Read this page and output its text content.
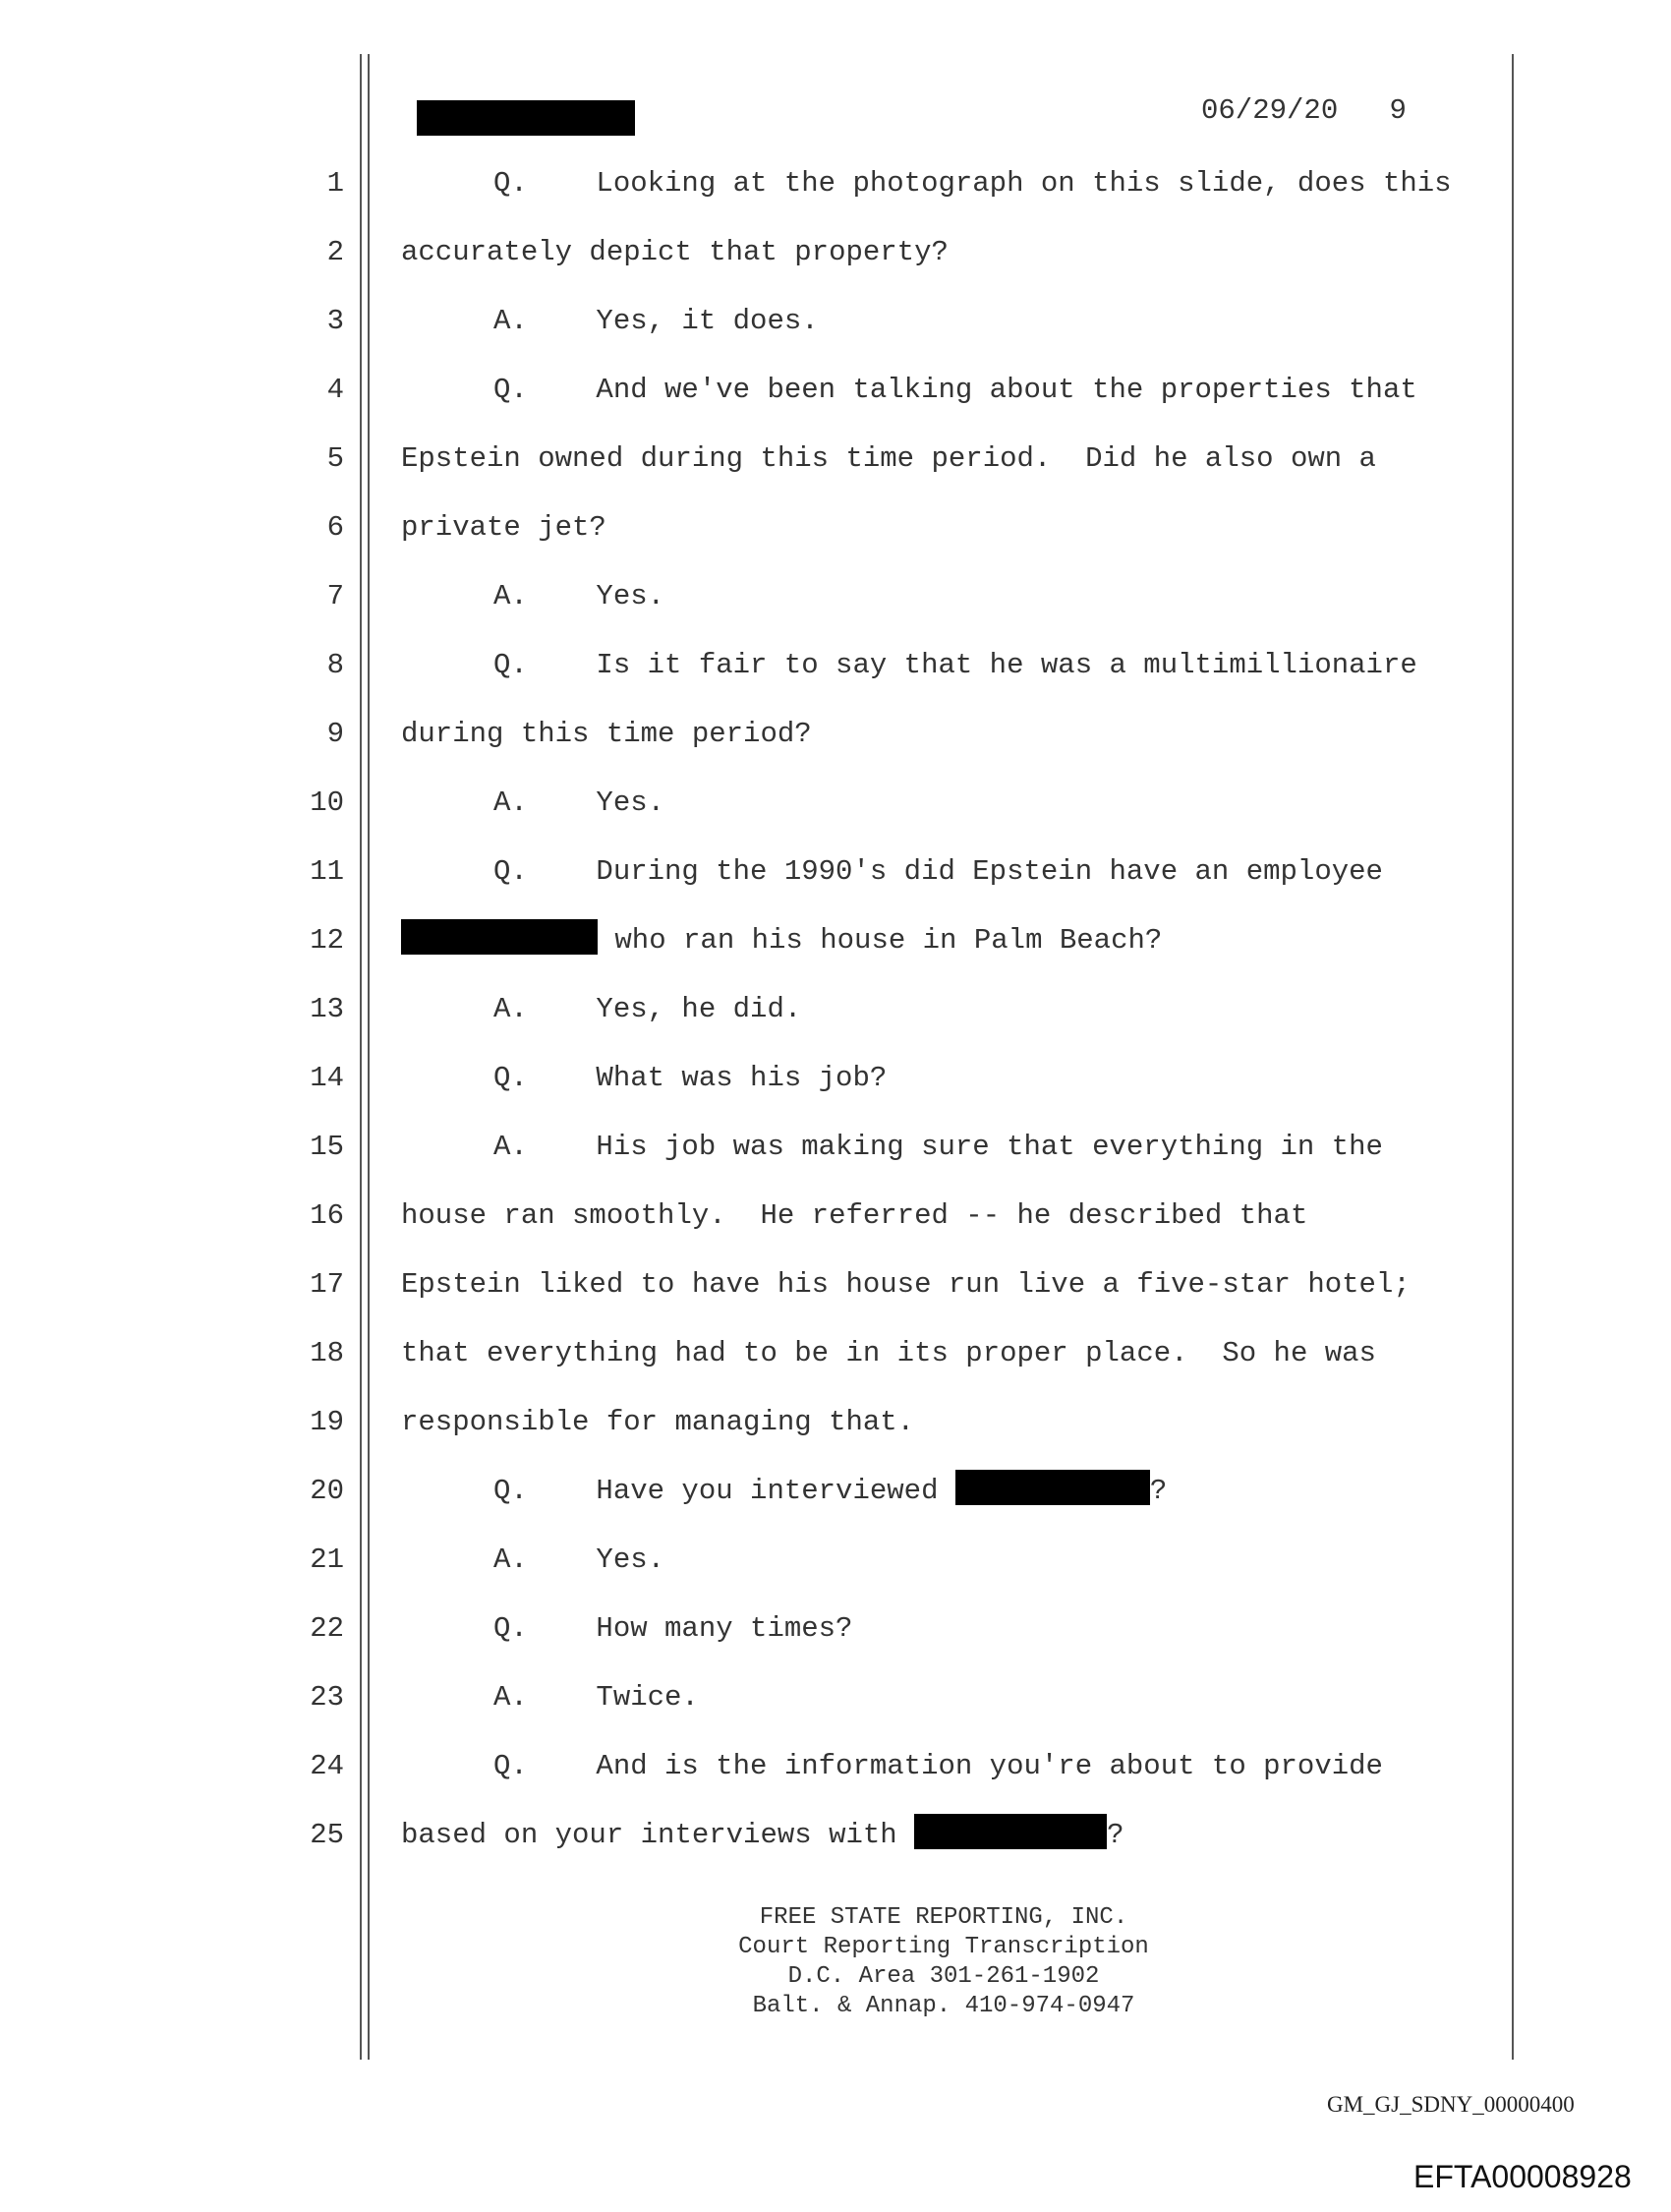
06/29/20 9

1

	Q.    Looking at the photograph on this slide, does this

2

accurately depict that property?

3

	A.    Yes, it does.

4

	Q.    And we've been talking about the properties that

5

Epstein owned during this time period.  Did he also own a

6

private jet?

7

	A.    Yes.

8

	Q.    Is it fair to say that he was a multimillionaire

9

during this time period?

10

	A.    Yes.

11

	Q.    During the 1990's did Epstein have an employee

12

	who ran his house in Palm Beach?

13

	A.    Yes, he did.

14

	Q.    What was his job?

15

	A.    His job was making sure that everything in the

16

house ran smoothly.  He referred -- he described that

17

Epstein liked to have his house run live a five-star hotel;

18

that everything had to be in its proper place.  So he was

19

responsible for managing that.

20

	Q.    Have you interviewed	?

21

	A.    Yes.

22

	Q.    How many times?

23

	A.    Twice.

24

	Q.    And is the information you're about to provide

25

based on your interviews with	?

FREE STATE REPORTING, INC.
Court Reporting Transcription
D.C. Area 301-261-1902
Balt. & Annap. 410-974-0947
GM_GJ_SDNY_00000400
EFTA00008928
